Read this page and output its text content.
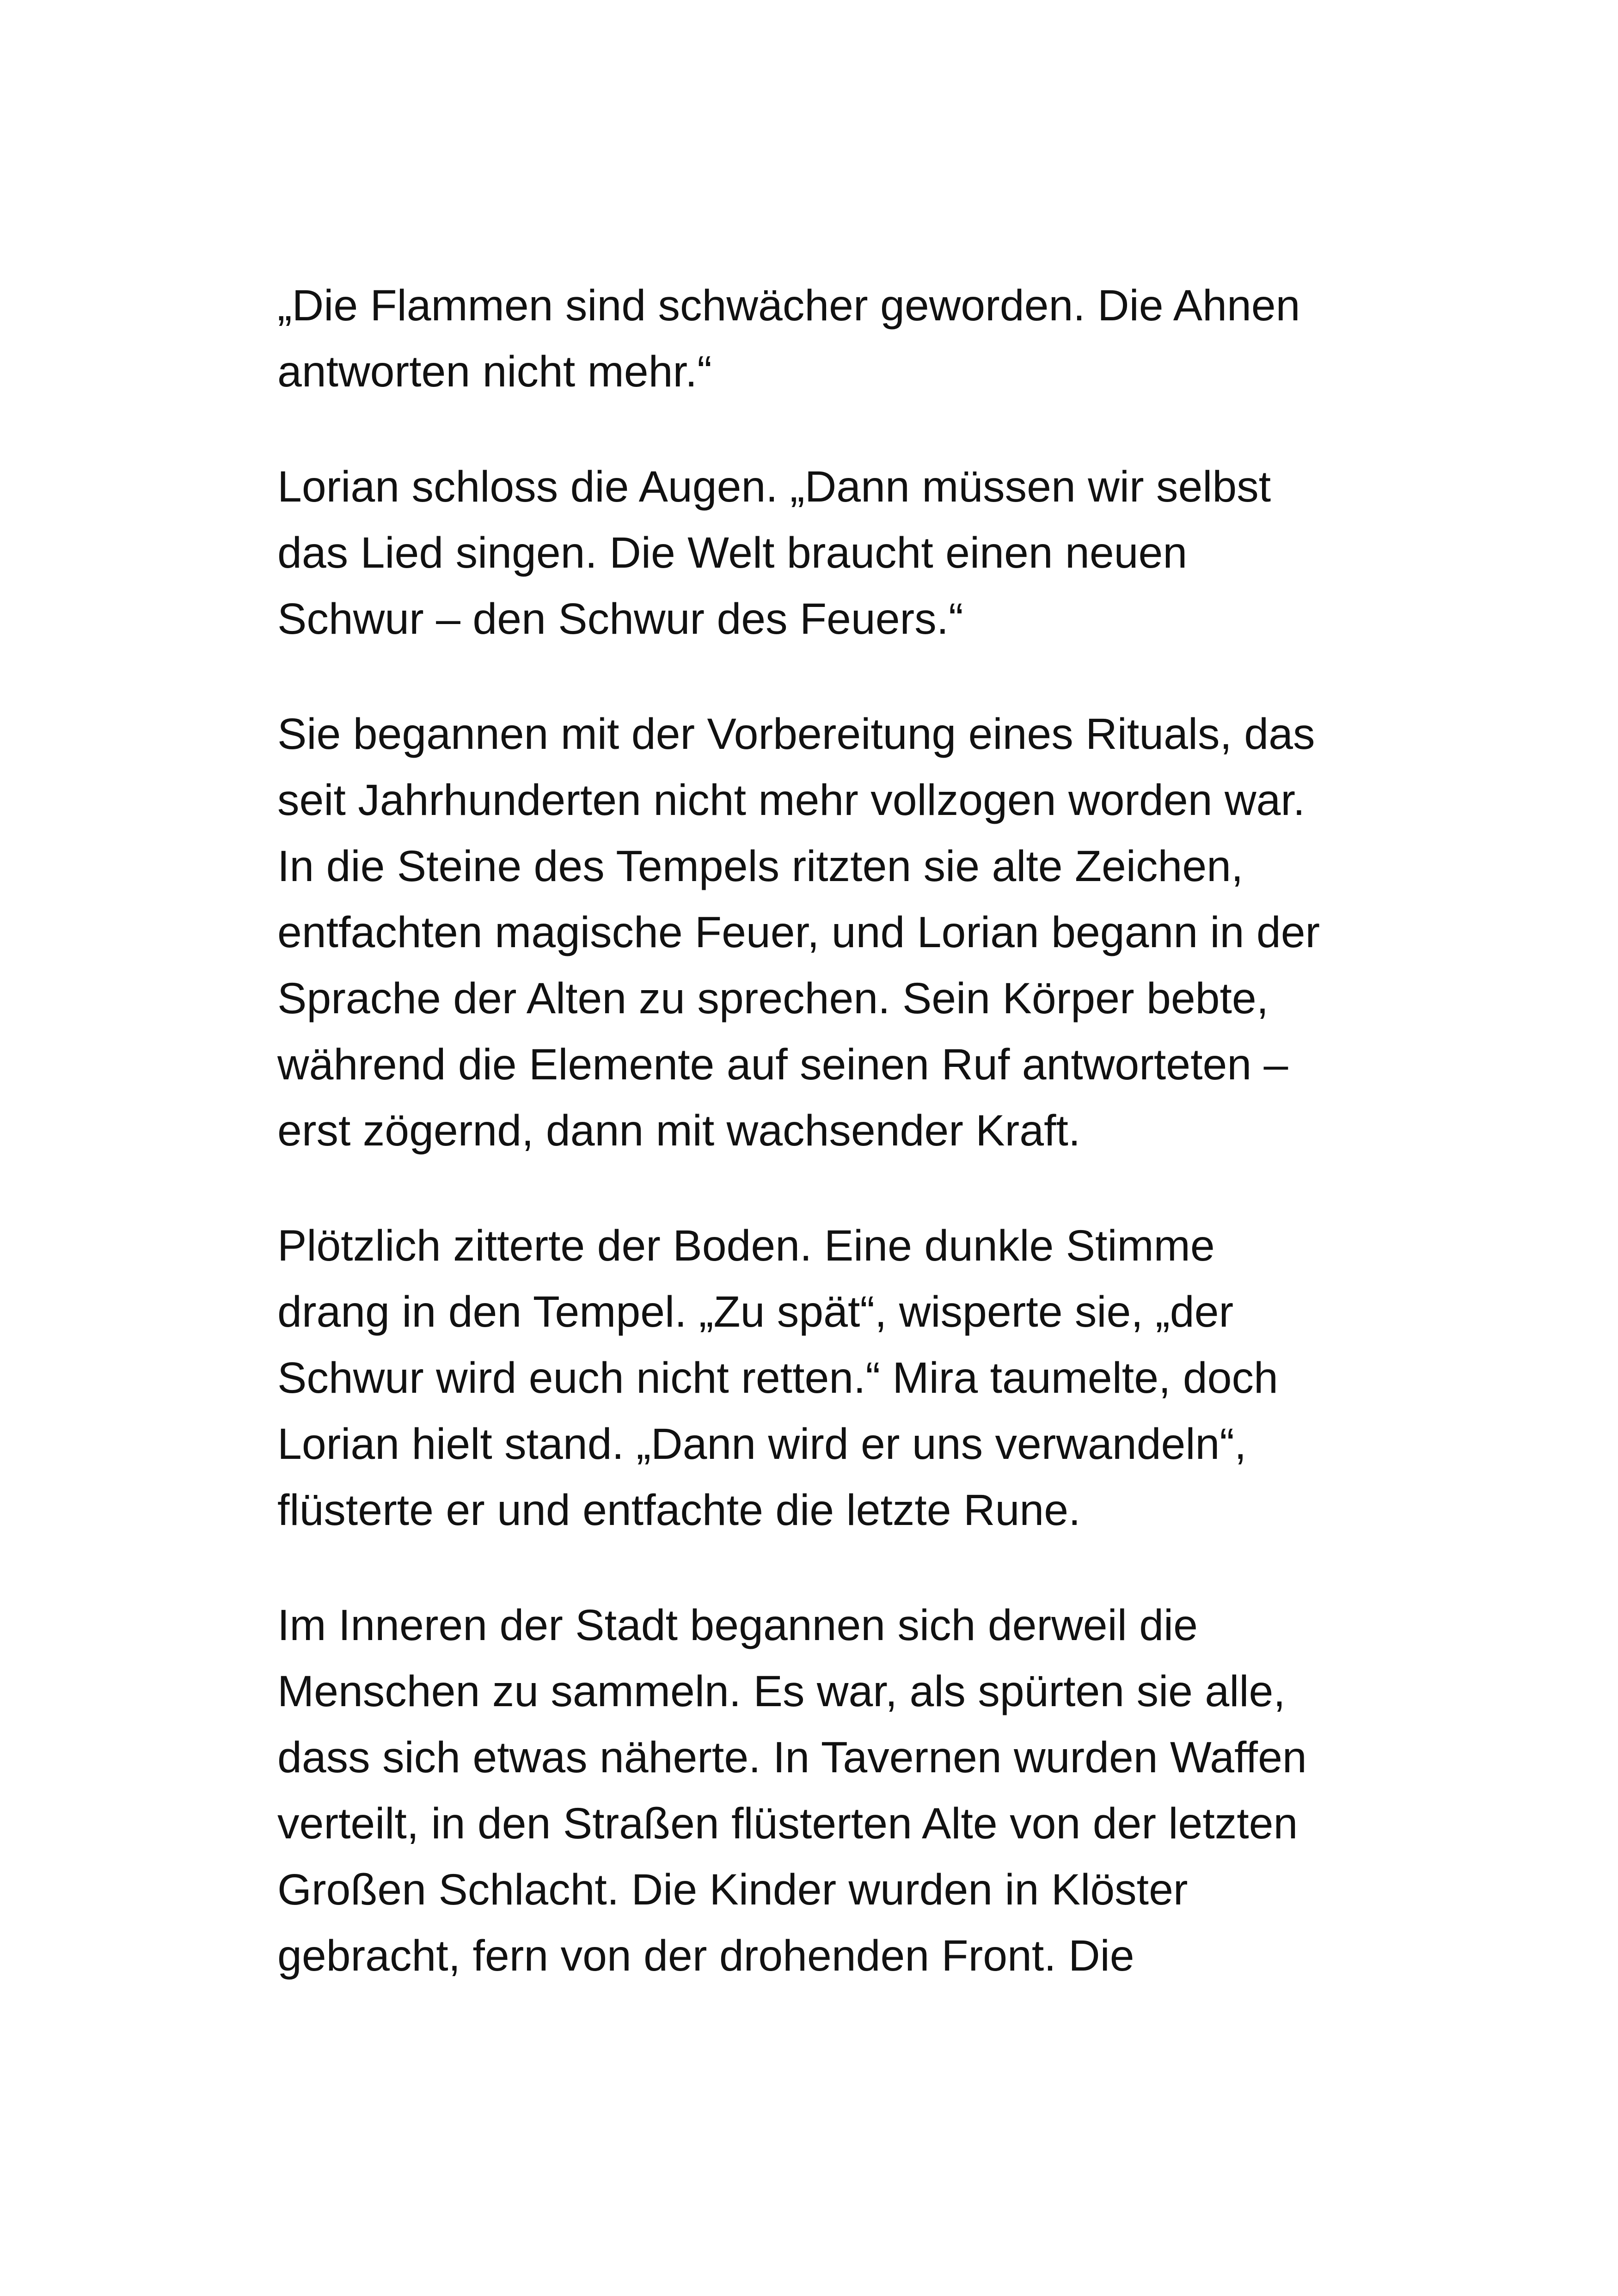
„Die Flammen sind schwächer geworden. Die Ahnen
antworten nicht mehr.“

Lorian schloss die Augen. „Dann müssen wir selbst
das Lied singen. Die Welt braucht einen neuen
Schwur – den Schwur des Feuers.“

Sie begannen mit der Vorbereitung eines Rituals, das
seit Jahrhunderten nicht mehr vollzogen worden war.
In die Steine des Tempels ritzten sie alte Zeichen,
entfachten magische Feuer, und Lorian begann in der
Sprache der Alten zu sprechen. Sein Körper bebte,
während die Elemente auf seinen Ruf antworteten –
erst zögernd, dann mit wachsender Kraft.

Plötzlich zitterte der Boden. Eine dunkle Stimme
drang in den Tempel. „Zu spät“, wisperte sie, „der
Schwur wird euch nicht retten.“ Mira taumelte, doch
Lorian hielt stand. „Dann wird er uns verwandeln“,
flüsterte er und entfachte die letzte Rune.

Im Inneren der Stadt begannen sich derweil die
Menschen zu sammeln. Es war, als spürten sie alle,
dass sich etwas näherte. In Tavernen wurden Waffen
verteilt, in den Straßen flüsterten Alte von der letzten
Großen Schlacht. Die Kinder wurden in Klöster
gebracht, fern von der drohenden Front. Die
